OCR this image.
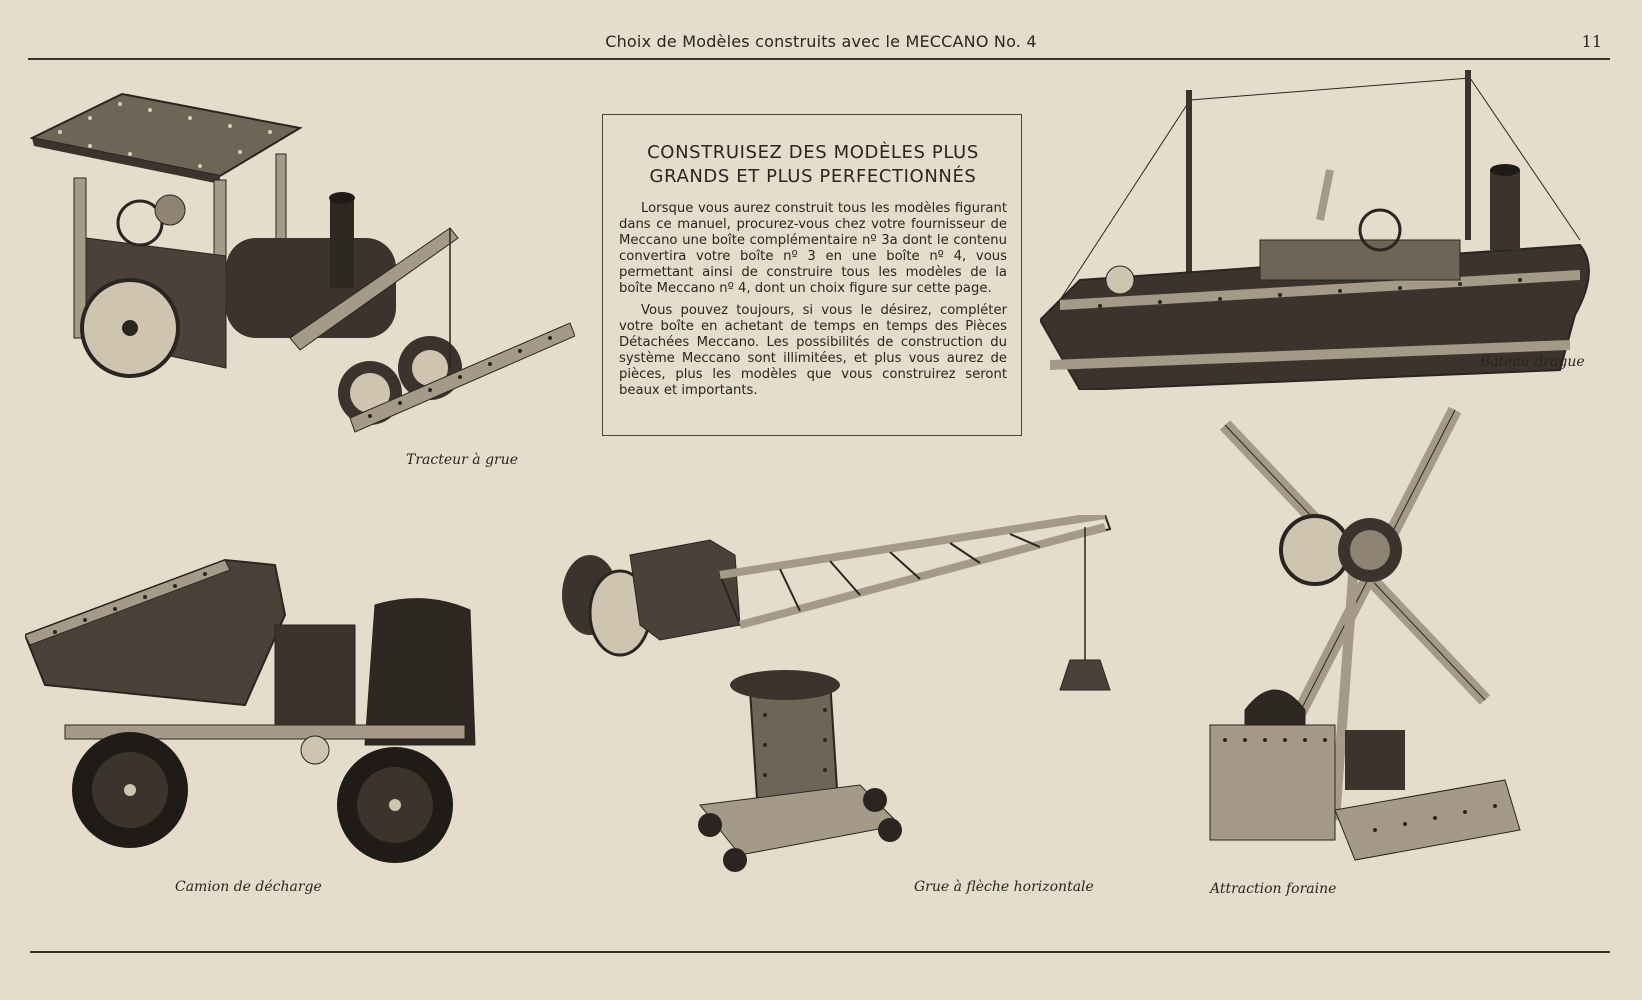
Choix de Modèles construits avec le MECCANO No. 4	11
CONSTRUISEZ DES MODÈLES PLUS
GRANDS ET PLUS PERFECTIONNÉS

Lorsque vous aurez construit tous les modèles figurant dans ce manuel, procurez-vous chez votre fournisseur de Meccano une boîte complémentaire nº 3a dont le contenu convertira votre boîte nº 3 en une boîte nº 4, vous permettant ainsi de construire tous les modèles de la boîte Meccano nº 4, dont un choix figure sur cette page.

Vous pouvez toujours, si vous le désirez, compléter votre boîte en achetant de temps en temps des Pièces Détachées Meccano. Les possibilités de construction du système Meccano sont illimitées, et plus vous aurez de pièces, plus les modèles que vous construirez seront beaux et importants.

Tracteur à grue
Bateau drague
Camion de décharge	Grue à flèche horizontale	Attraction foraine
